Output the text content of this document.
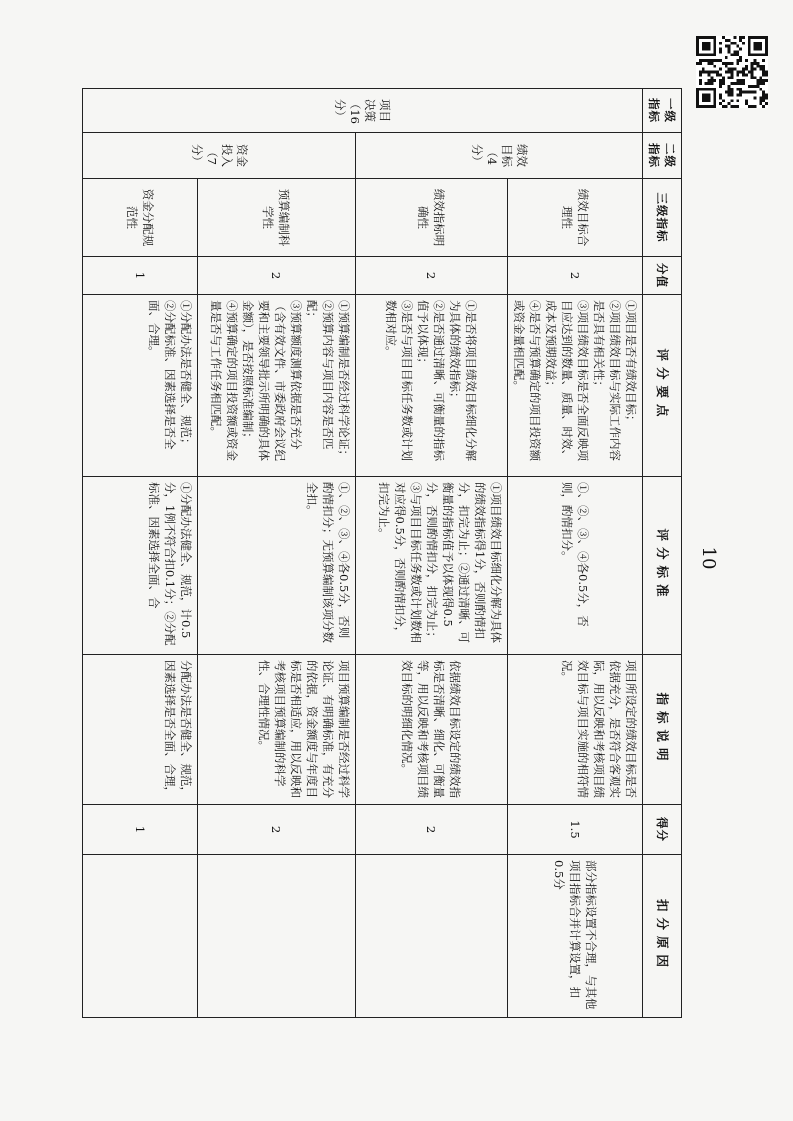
10
一级指标	二级指标	三级指标	分值	评分要点	评分标准	指标说明	得分	扣分原因

项目决策（16分）	绩效目标（4分）	绩效目标合理性	2	①项目是否有绩效目标；
②项目绩效目标与实际工作内容是否具有相关性；
③项目绩效目标是否全面反映项目应达到的数量、质量、时效、成本及预期效益；
④是否与预算确定的项目投资额或资金量相匹配。	①、②、③、④各0.5分，否则，酌情扣分。	项目所设定的绩效目标是否依据充分，是否符合客观实际，用以反映和考核项目绩效目标与项目实施的相符情况。	1.5	部分指标设置不合理，与其他项目指标合并计算设置，扣0.5分
		绩效指标明确性	2	①是否将项目绩效目标细化分解为具体的绩效指标；
②是否通过清晰、可衡量的指标值予以体现；
③是否与项目目标任务数或计划数相对应。	①项目绩效目标细化分解为具体的绩效指标得1分，否则酌情扣分，扣完为止；②通过清晰、可衡量的指标值予以体现得0.5分，否则酌情扣分，扣完为止；③与项目目标任务数或计划数相对应得0.5分，否则酌情扣分，扣完为止。	依据绩效目标设定的绩效指标是否清晰、细化、可衡量等，用以反映和考核项目绩效目标的明细化情况。	2	

	资金投入（7分）	预算编制科学性	2	①预算编制是否经过科学论证；
②预算内容与项目内容是否匹配；
③预算额度测算依据是否充分（含有效文件、市委政府会议纪要和主要领导批示所明确的具体金额），是否按照标准编制；
④预算确定的项目投资额或资金量是否与工作任务相匹配。	①、②、③、④各0.5分，否则酌情扣分；无预算编制该项分数全扣。	项目预算编制是否经过科学论证、有明确标准，有充分的依据，资金额度与年度目标是否相适应，用以反映和考核项目预算编制的科学性、合理性情况。	2	
		资金分配规范性	1	①分配办法是否健全、规范；
②分配标准、因素选择是否全面、合理。	①分配办法健全、规范，计0.5分，1例不符合扣0.1分；②分配标准、因素选择全面、合	分配办法是否健全、规范，因素选择是否全面、合理，	1	
